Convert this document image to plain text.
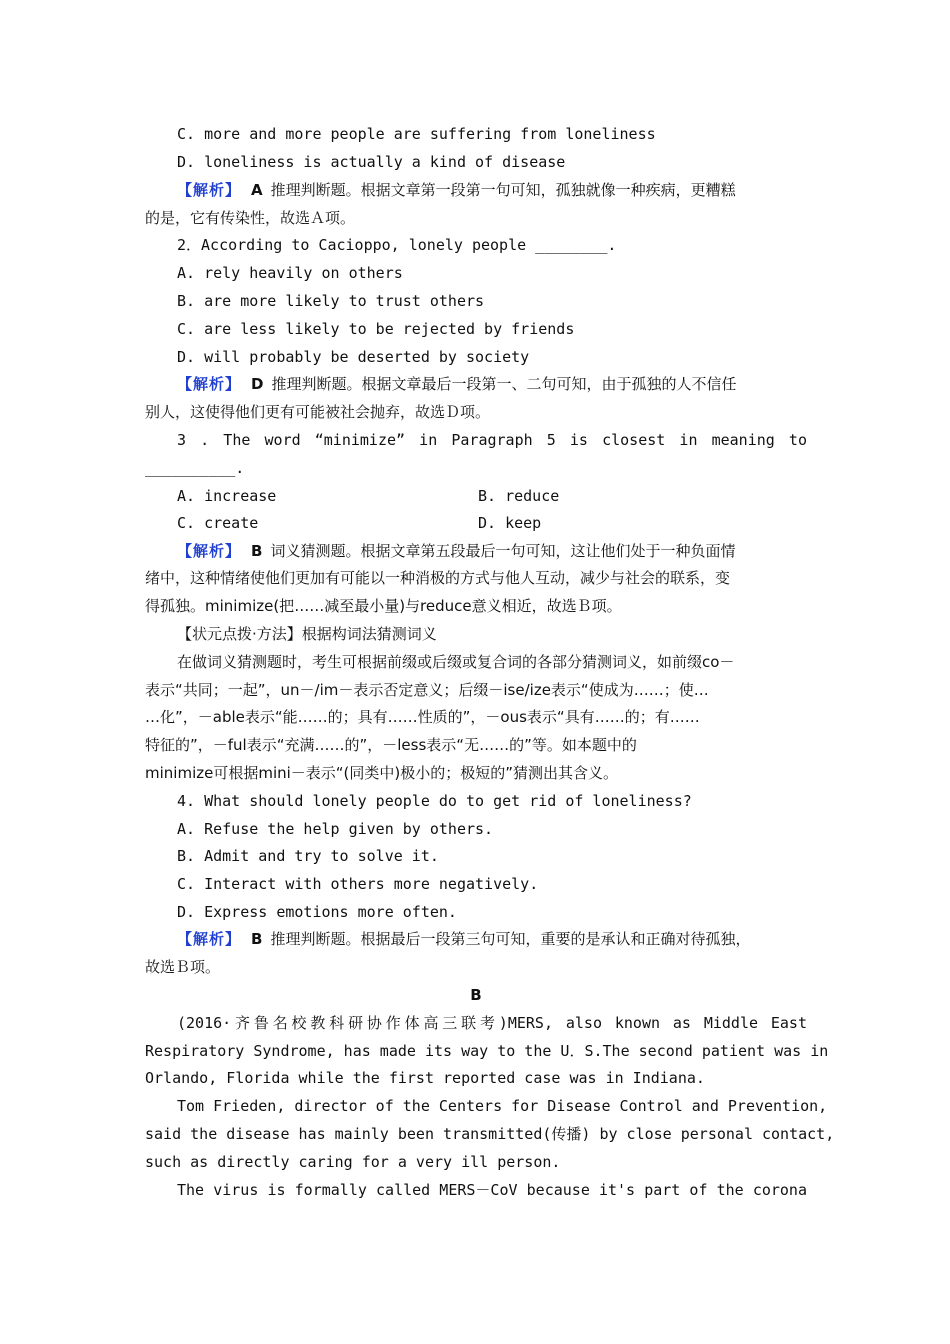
C. more and more people are suffering from loneliness
D. loneliness is actually a kind of disease
【解析】 A 推理判断题。根据文章第一段第一句可知，孤独就像一种疾病，更糟糕
的是，它有传染性，故选Ａ项。
2．According to Cacioppo, lonely people ________.
A. rely heavily on others
B. are more likely to trust others
C. are less likely to be rejected by friends
D. will probably be deserted by society
【解析】 D 推理判断题。根据文章最后一段第一、二句可知，由于孤独的人不信任
别人，这使得他们更有可能被社会抛弃，故选Ｄ项。
3 . The word “minimize” in Paragraph 5 is closest in meaning to
__________.
A. increase	B. reduce
C. create	D. keep
【解析】 B 词义猜测题。根据文章第五段最后一句可知，这让他们处于一种负面情
绪中，这种情绪使他们更加有可能以一种消极的方式与他人互动，减少与社会的联系，变
得孤独。minimize(把……减至最小量)与reduce意义相近，故选Ｂ项。
【状元点拨·方法】根据构词法猜测词义
在做词义猜测题时，考生可根据前缀或后缀或复合词的各部分猜测词义，如前缀co－
表示“共同；一起”，un－/im－表示否定意义；后缀－ise/ize表示“使成为……；使…
…化”，－able表示“能……的；具有……性质的”，－ous表示“具有……的；有……
特征的”，－ful表示“充满……的”，－less表示“无……的”等。如本题中的
minimize可根据mini－表示“(同类中)极小的；极短的”猜测出其含义。
4. What should lonely people do to get rid of loneliness?
A. Refuse the help given by others.
B. Admit and try to solve it.
C. Interact with others more negatively.
D. Express emotions more often.
【解析】 B 推理判断题。根据最后一段第三句可知，重要的是承认和正确对待孤独，
故选Ｂ项。
B
(2016·齐鲁名校教科研协作体高三联考)MERS, also known as Middle East
Respiratory Syndrome, has made its way to the U．S.The second patient was in
Orlando, Florida while the first reported case was in Indiana.
Tom Frieden, director of the Centers for Disease Control and Prevention,
said the disease has mainly been transmitted(传播) by close personal contact,
such as directly caring for a very ill person.
The virus is formally called MERS－CoV because it's part of the corona
